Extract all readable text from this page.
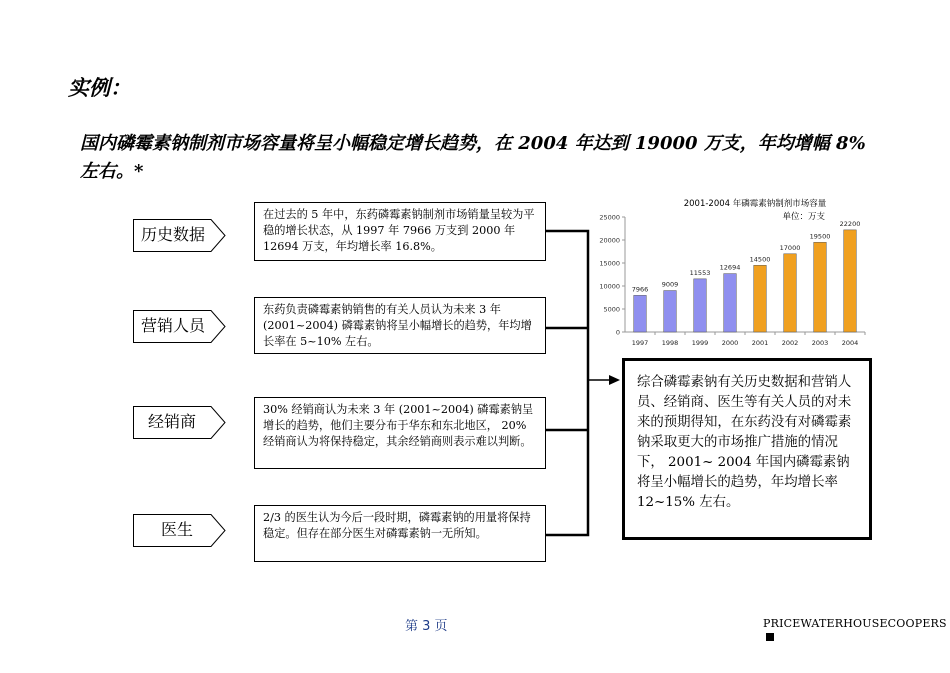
实例：
国内磷霉素钠制剂市场容量将呈小幅稳定增长趋势，在 2004 年达到 19000 万支，年均增幅 8% 左右。*
历史数据
营销人员
经销商
医生
在过去的 5 年中，东药磷霉素钠制剂市场销量呈较为平稳的增长状态，从 1997 年 7966 万支到 2000 年 12694 万支，年均增长率 16.8%。
东药负责磷霉素钠销售的有关人员认为未来 3 年 (2001~2004) 磷霉素钠将呈小幅增长的趋势，年均增长率在 5~10% 左右。
30% 经销商认为未来 3 年 (2001~2004) 磷霉素钠呈增长的趋势，他们主要分布于华东和东北地区， 20% 经销商认为将保持稳定，其余经销商则表示难以判断。
2/3 的医生认为今后一段时期，磷霉素钠的用量将保持稳定。但存在部分医生对磷霉素钠一无所知。
2001-2004 年磷霉素钠制剂市场容量
单位：万支
0
5000
10000
15000
20000
25000
7966
1997
9009
1998
11553
1999
12694
2000
14500
2001
17000
2002
19500
2003
22200
2004
综合磷霉素钠有关历史数据和营销人员、经销商、医生等有关人员的对未来的预期得知，在东药没有对磷霉素钠采取更大的市场推广措施的情况下， 2001~ 2004 年国内磷霉素钠将呈小幅增长的趋势，年均增长率 12~15% 左右。
第 3 页	PRICEWATERHOUSECOOPERS
